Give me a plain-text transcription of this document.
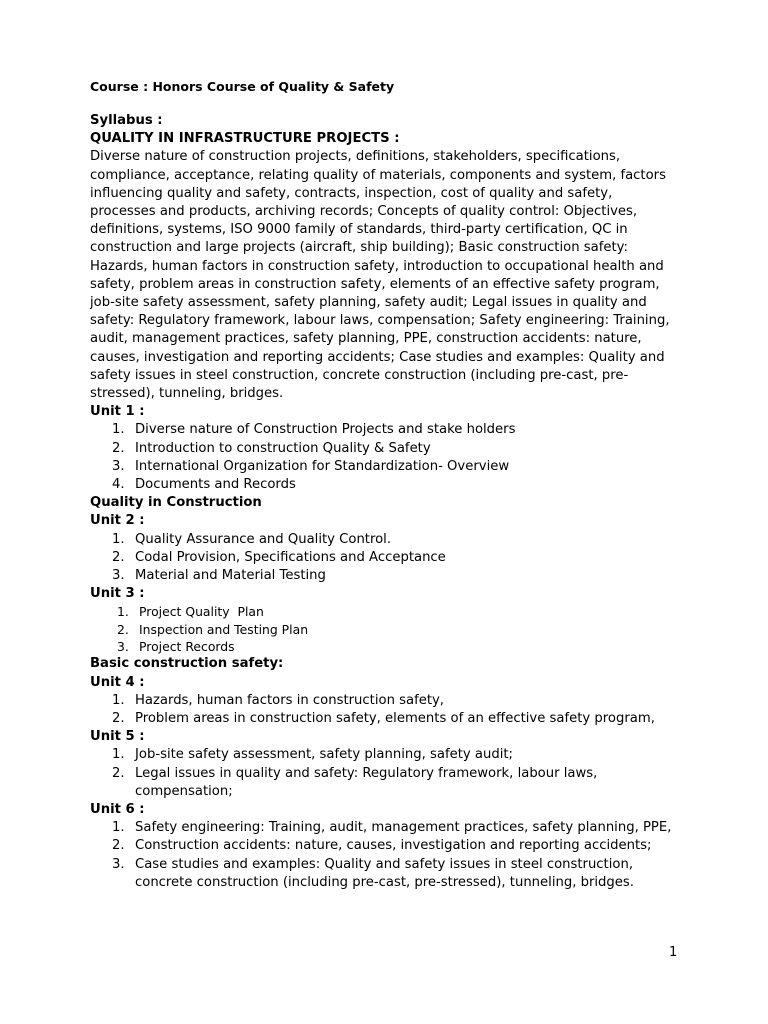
Course : Honors Course of Quality & Safety
Syllabus :
QUALITY IN INFRASTRUCTURE PROJECTS :

Diverse nature of construction projects, definitions, stakeholders, specifications, compliance, acceptance, relating quality of materials, components and system, factors influencing quality and safety, contracts, inspection, cost of quality and safety, processes and products, archiving records; Concepts of quality control: Objectives, definitions, systems, ISO 9000 family of standards, third-party certification, QC in construction and large projects (aircraft, ship building); Basic construction safety: Hazards, human factors in construction safety, introduction to occupational health and safety, problem areas in construction safety, elements of an effective safety program, job-site safety assessment, safety planning, safety audit; Legal issues in quality and safety: Regulatory framework, labour laws, compensation; Safety engineering: Training, audit, management practices, safety planning, PPE, construction accidents: nature, causes, investigation and reporting accidents; Case studies and examples: Quality and safety issues in steel construction, concrete construction (including pre-cast, pre-stressed), tunneling, bridges.

Unit 1 :
1. Diverse nature of Construction Projects and stake holders
2. Introduction to construction Quality & Safety
3. International Organization for Standardization- Overview
4. Documents and Records
Quality in Construction
Unit 2 :
1. Quality Assurance and Quality Control.
2. Codal Provision, Specifications and Acceptance
3. Material and Material Testing
Unit 3 :
1. Project Quality  Plan
2. Inspection and Testing Plan
3. Project Records
Basic construction safety:
Unit 4 :
1. Hazards, human factors in construction safety,
2. Problem areas in construction safety, elements of an effective safety program,
Unit 5 :
1. Job-site safety assessment, safety planning, safety audit;
2. Legal issues in quality and safety: Regulatory framework, labour laws, compensation;
Unit 6 :
1. Safety engineering: Training, audit, management practices, safety planning, PPE,
2. Construction accidents: nature, causes, investigation and reporting accidents;
3. Case studies and examples: Quality and safety issues in steel construction, concrete construction (including pre-cast, pre-stressed), tunneling, bridges.
1
